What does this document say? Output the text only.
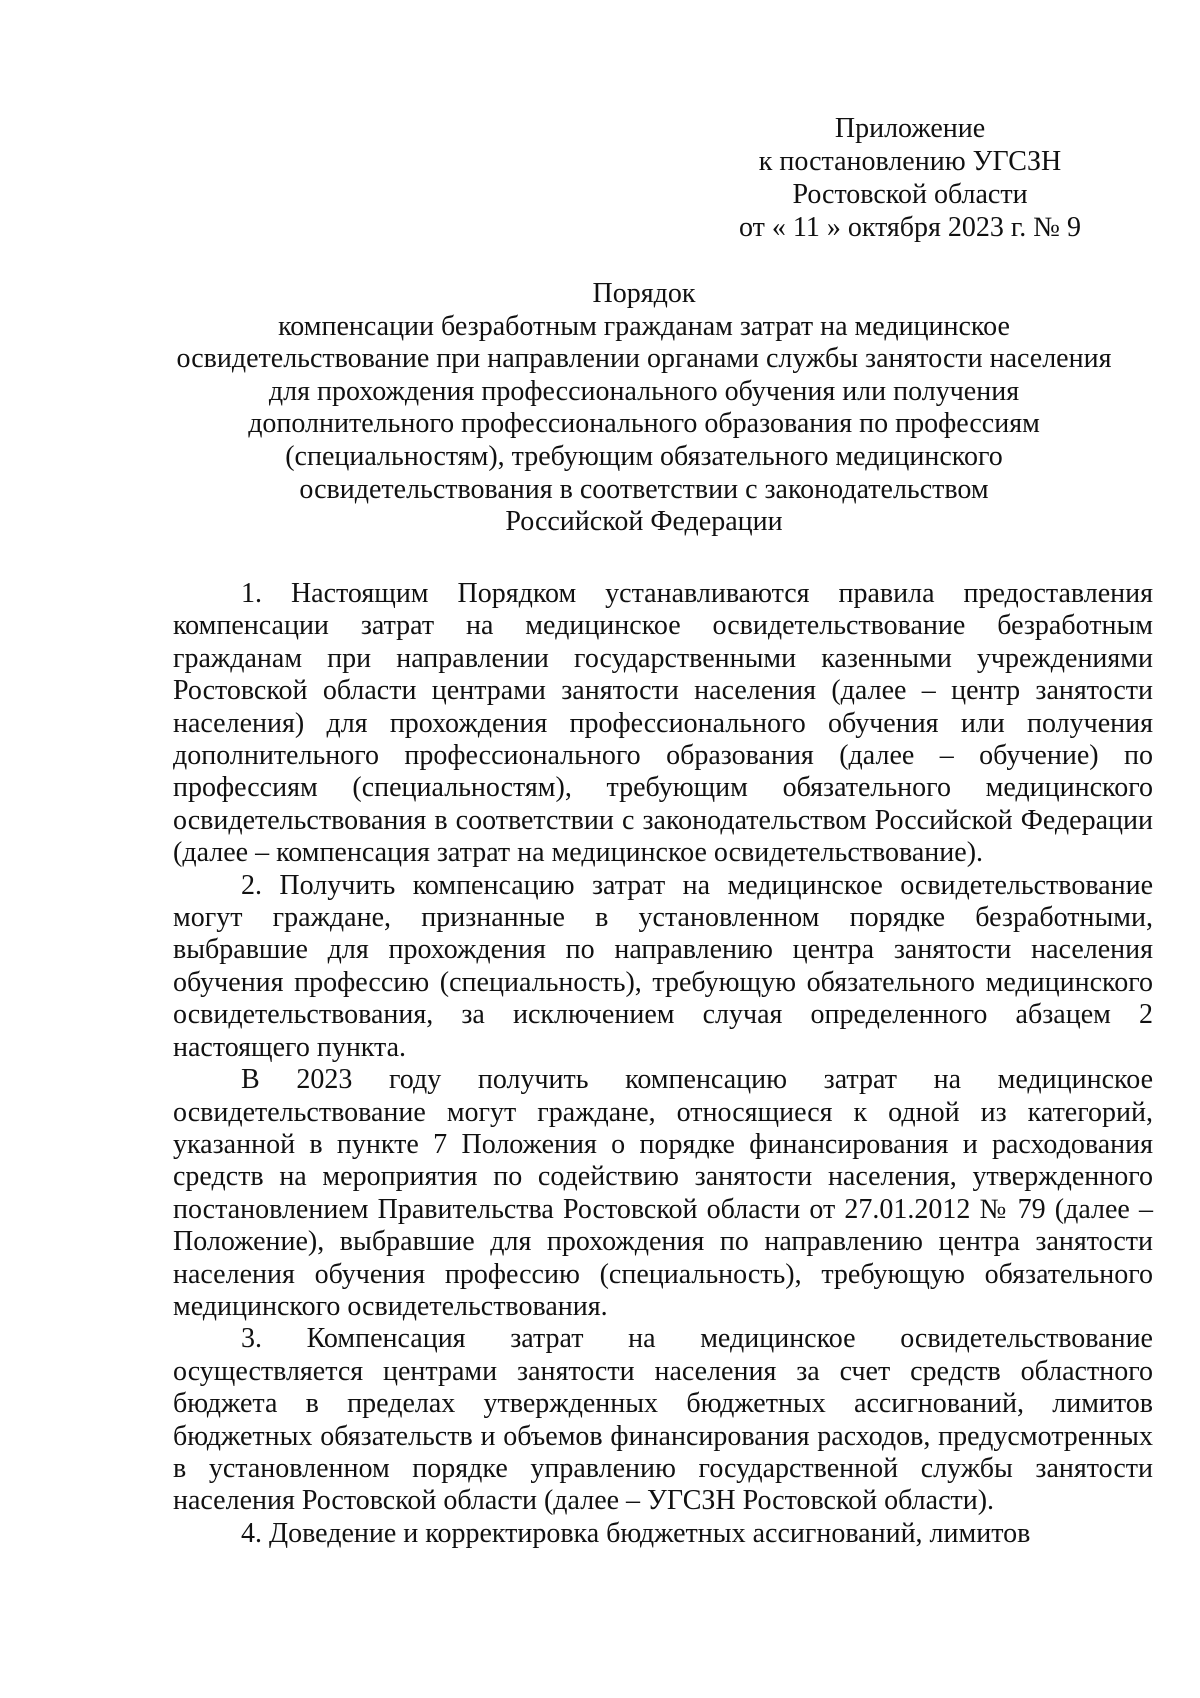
Приложение
к постановлению УГСЗН
Ростовской области
от « 11 » октября 2023 г. № 9
Порядок
компенсации безработным гражданам затрат на медицинское
освидетельствование при направлении органами службы занятости населения
для прохождения профессионального обучения или получения
дополнительного профессионального образования по профессиям
(специальностям), требующим обязательного медицинского
освидетельствования в соответствии с законодательством
Российской Федерации

1. Настоящим Порядком устанавливаются правила предоставления компенсации затрат на медицинское освидетельствование безработным гражданам при направлении государственными казенными учреждениями Ростовской области центрами занятости населения (далее – центр занятости населения) для прохождения профессионального обучения или получения дополнительного профессионального образования (далее – обучение) по профессиям (специальностям), требующим обязательного медицинского освидетельствования в соответствии с законодательством Российской Федерации (далее – компенсация затрат на медицинское освидетельствование).

2. Получить компенсацию затрат на медицинское освидетельствование могут граждане, признанные в установленном порядке безработными, выбравшие для прохождения по направлению центра занятости населения обучения профессию (специальность), требующую обязательного медицинского освидетельствования, за исключением случая определенного абзацем 2 настоящего пункта.

В 2023 году получить компенсацию затрат на медицинское освидетельствование могут граждане, относящиеся к одной из категорий, указанной в пункте 7 Положения о порядке финансирования и расходования средств на мероприятия по содействию занятости населения, утвержденного постановлением Правительства Ростовской области от 27.01.2012 № 79 (далее – Положение), выбравшие для прохождения по направлению центра занятости населения обучения профессию (специальность), требующую обязательного медицинского освидетельствования.

3. Компенсация затрат на медицинское освидетельствование осуществляется центрами занятости населения за счет средств областного бюджета в пределах утвержденных бюджетных ассигнований, лимитов бюджетных обязательств и объемов финансирования расходов, предусмотренных в установленном порядке управлению государственной службы занятости населения Ростовской области (далее – УГСЗН Ростовской области).

4. Доведение и корректировка бюджетных ассигнований, лимитов
